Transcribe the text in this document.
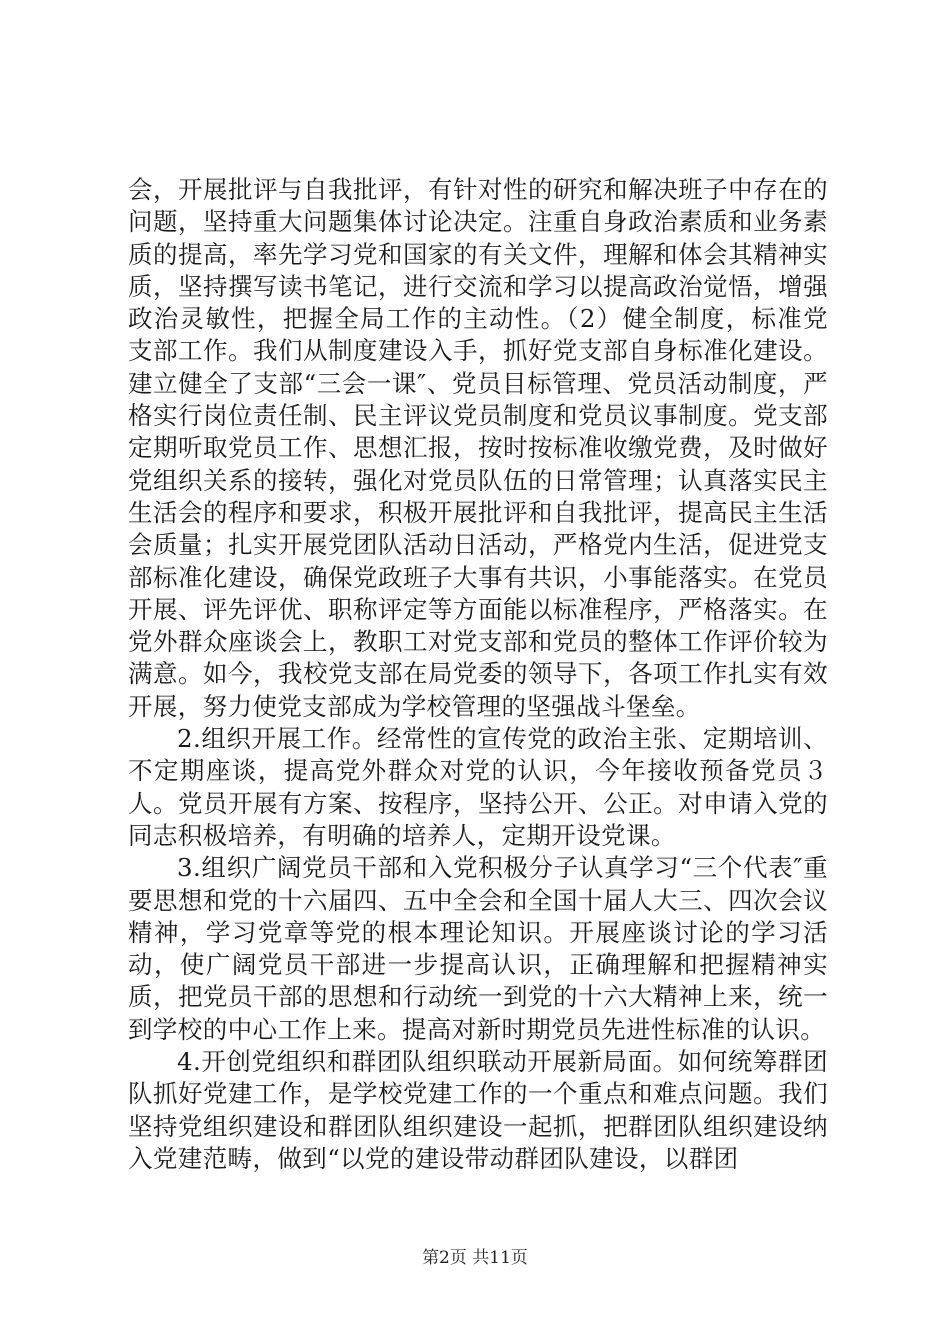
会，开展批评与自我批评，有针对性的研究和解决班子中存在的问题，坚持重大问题集体讨论决定。注重自身政治素质和业务素质的提高，率先学习党和国家的有关文件，理解和体会其精神实质，坚持撰写读书笔记，进行交流和学习以提高政治觉悟，增强政治灵敏性，把握全局工作的主动性。（2）健全制度，标准党支部工作。我们从制度建设入手，抓好党支部自身标准化建设。建立健全了支部“三会一课″、党员目标管理、党员活动制度，严格实行岗位责任制、民主评议党员制度和党员议事制度。党支部定期听取党员工作、思想汇报，按时按标准收缴党费，及时做好党组织关系的接转，强化对党员队伍的日常管理；认真落实民主生活会的程序和要求，积极开展批评和自我批评，提高民主生活会质量；扎实开展党团队活动日活动，严格党内生活，促进党支部标准化建设，确保党政班子大事有共识，小事能落实。在党员开展、评先评优、职称评定等方面能以标准程序，严格落实。在党外群众座谈会上，教职工对党支部和党员的整体工作评价较为满意。如今，我校党支部在局党委的领导下，各项工作扎实有效开展，努力使党支部成为学校管理的坚强战斗堡垒。

2.组织开展工作。经常性的宣传党的政治主张、定期培训、不定期座谈，提高党外群众对党的认识，今年接收预备党员３人。党员开展有方案、按程序，坚持公开、公正。对申请入党的同志积极培养，有明确的培养人，定期开设党课。

3.组织广阔党员干部和入党积极分子认真学习“三个代表″重要思想和党的十六届四、五中全会和全国十届人大三、四次会议精神，学习党章等党的根本理论知识。开展座谈讨论的学习活动，使广阔党员干部进一步提高认识，正确理解和把握精神实质，把党员干部的思想和行动统一到党的十六大精神上来，统一到学校的中心工作上来。提高对新时期党员先进性标准的认识。

4.开创党组织和群团队组织联动开展新局面。如何统筹群团队抓好党建工作，是学校党建工作的一个重点和难点问题。我们坚持党组织建设和群团队组织建设一起抓，把群团队组织建设纳入党建范畴，做到“以党的建设带动群团队建设，以群团

第2页 共11页
